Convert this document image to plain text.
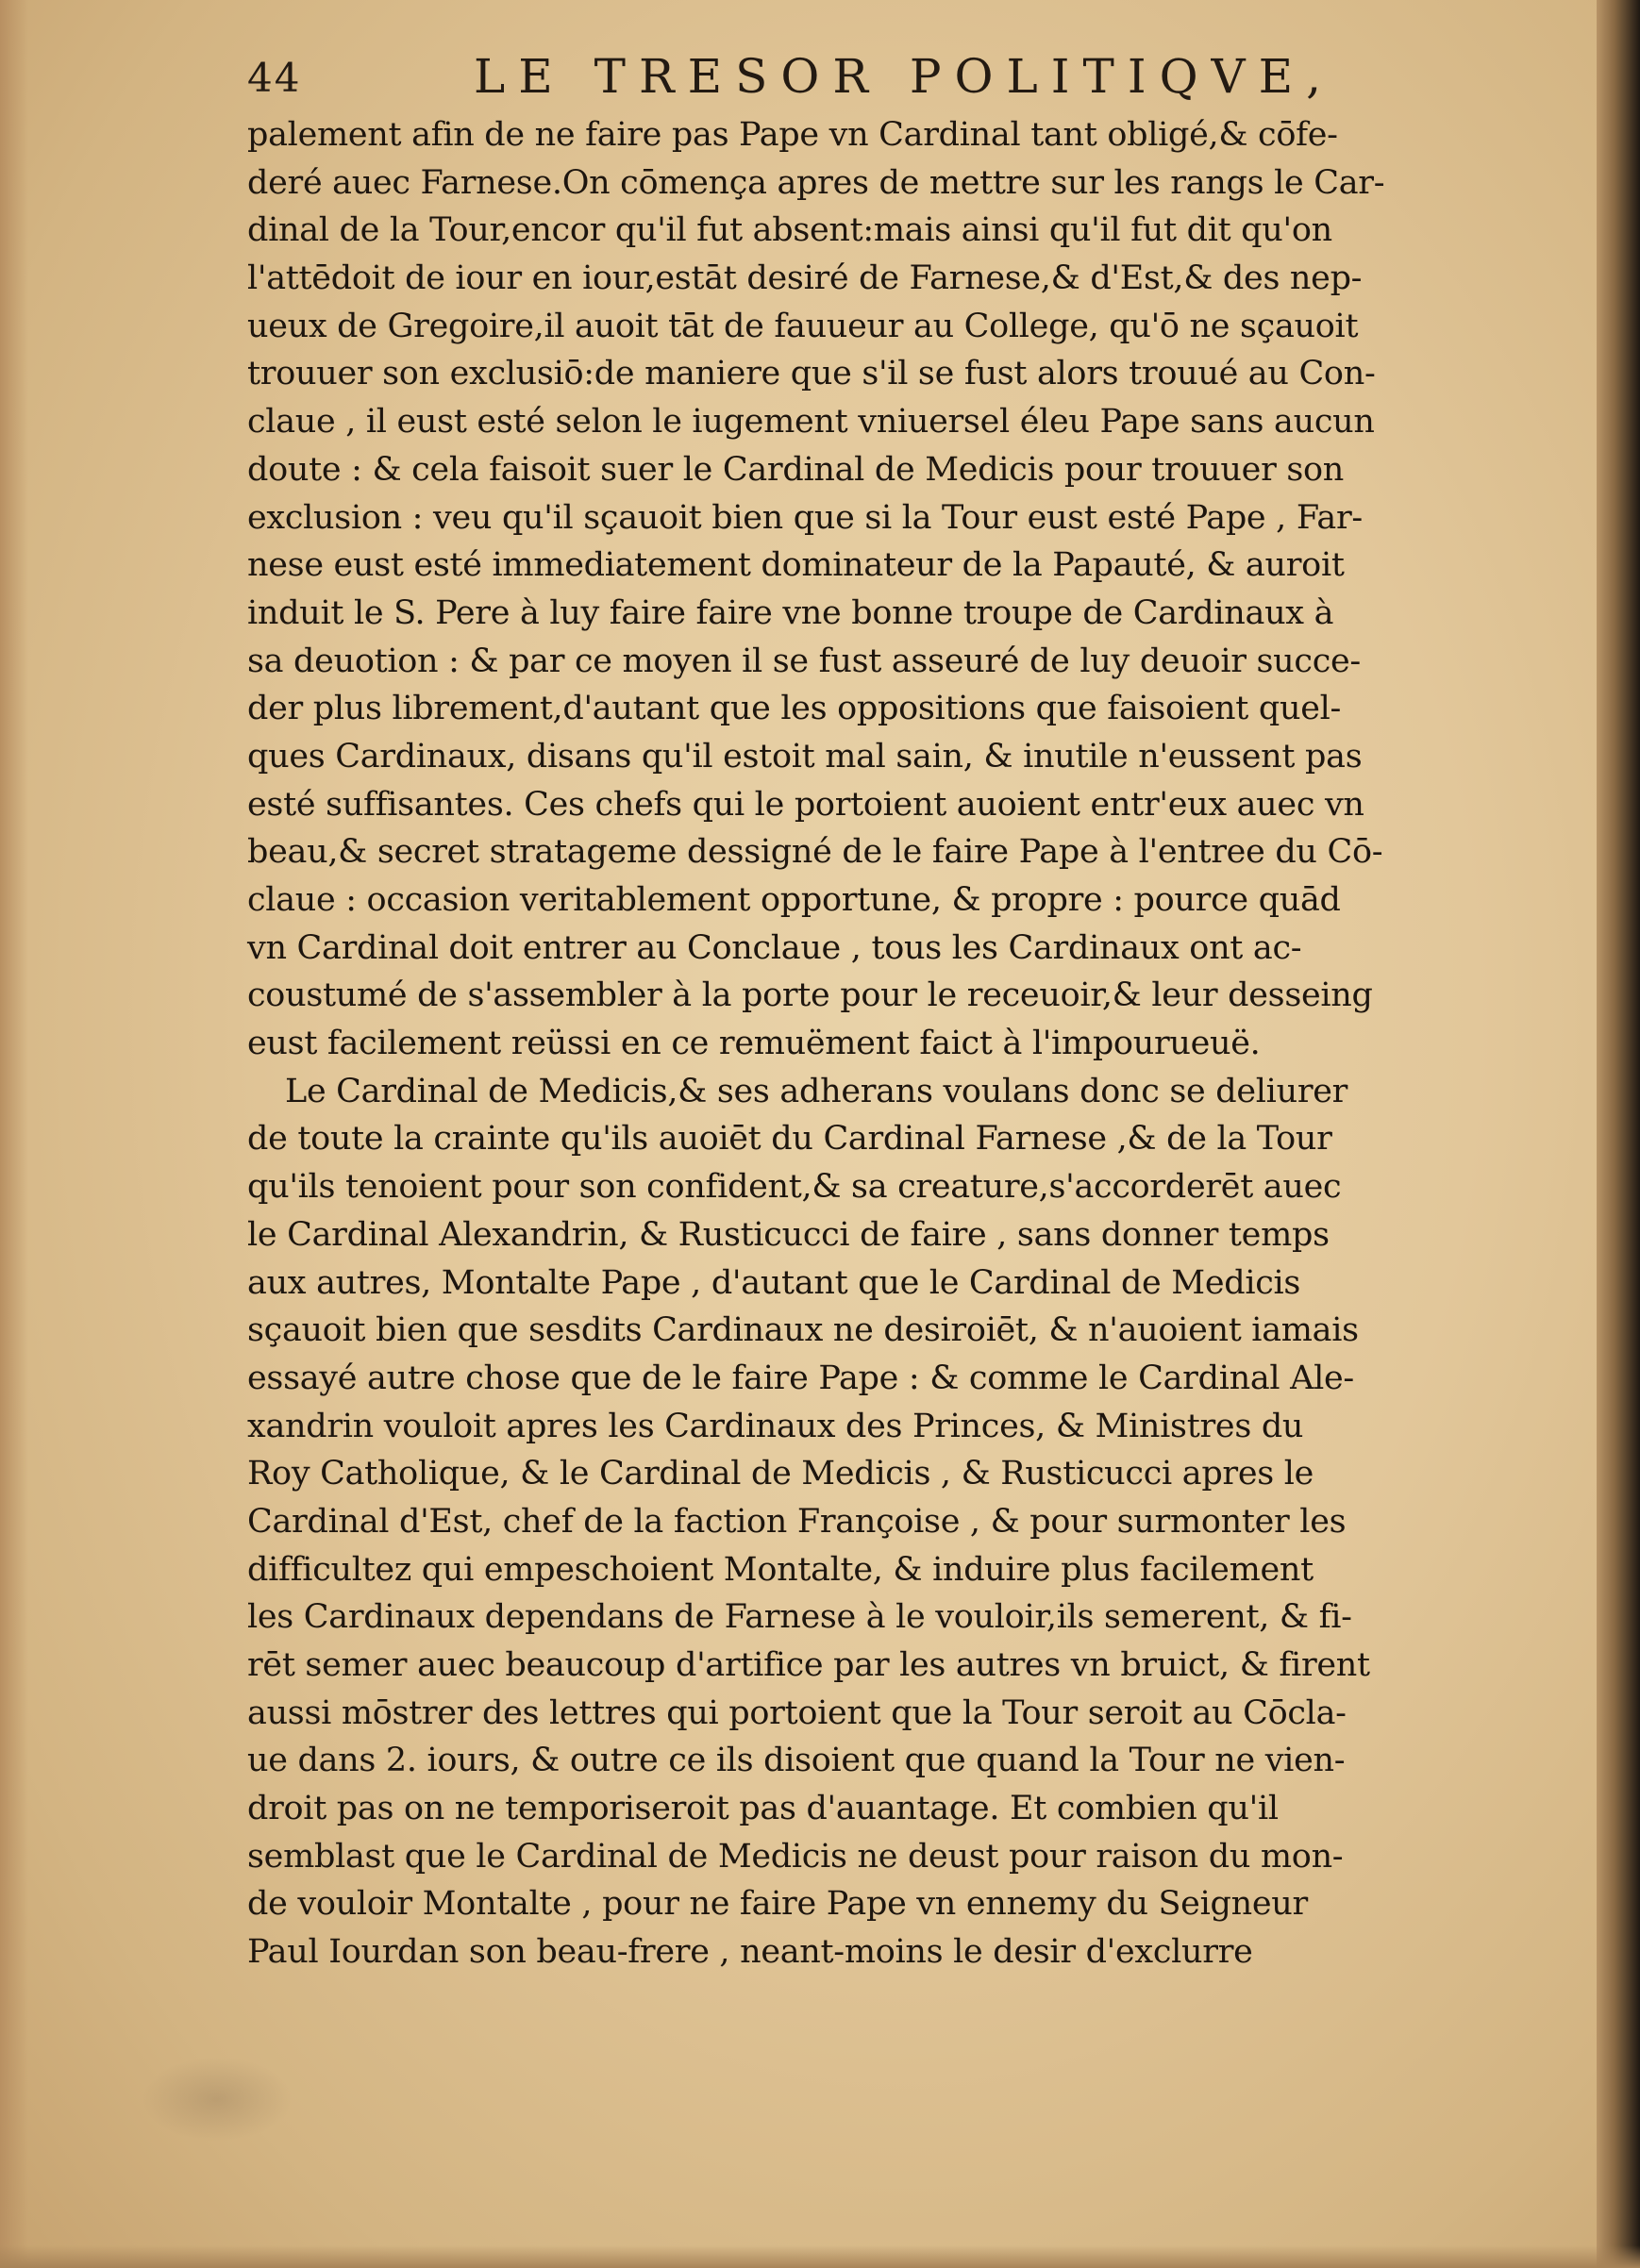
44	LE TRESOR POLITIQVE,
palement afin de ne faire pas Pape vn Cardinal tant obligé,& cōfe-
deré auec Farnese.On cōmença apres de mettre sur les rangs le Car-
dinal de la Tour,encor qu'il fut absent:mais ainsi qu'il fut dit qu'on
l'attēdoit de iour en iour,estāt desiré de Farnese,& d'Est,& des nep-
ueux de Gregoire,il auoit tāt de fauueur au College, qu'ō ne sçauoit
trouuer son exclusiō:de maniere que s'il se fust alors trouué au Con-
claue , il eust esté selon le iugement vniuersel éleu Pape sans aucun
doute : & cela faisoit suer le Cardinal de Medicis pour trouuer son
exclusion : veu qu'il sçauoit bien que si la Tour eust esté Pape , Far-
nese eust esté immediatement dominateur de la Papauté, & auroit
induit le S. Pere à luy faire faire vne bonne troupe de Cardinaux à
sa deuotion : & par ce moyen il se fust asseuré de luy deuoir succe-
der plus librement,d'autant que les oppositions que faisoient quel-
ques Cardinaux, disans qu'il estoit mal sain, & inutile n'eussent pas
esté suffisantes. Ces chefs qui le portoient auoient entr'eux auec vn
beau,& secret stratageme dessigné de le faire Pape à l'entree du Cō-
claue : occasion veritablement opportune, & propre : pource quād
vn Cardinal doit entrer au Conclaue , tous les Cardinaux ont ac-
coustumé de s'assembler à la porte pour le receuoir,& leur desseing
eust facilement reüssi en ce remuëment faict à l'impourueuë.
Le Cardinal de Medicis,& ses adherans voulans donc se deliurer
de toute la crainte qu'ils auoiēt du Cardinal Farnese ,& de la Tour
qu'ils tenoient pour son confident,& sa creature,s'accorderēt auec
le Cardinal Alexandrin, & Rusticucci de faire , sans donner temps
aux autres, Montalte Pape , d'autant que le Cardinal de Medicis
sçauoit bien que sesdits Cardinaux ne desiroiēt, & n'auoient iamais
essayé autre chose que de le faire Pape : & comme le Cardinal Ale-
xandrin vouloit apres les Cardinaux des Princes, & Ministres du
Roy Catholique, & le Cardinal de Medicis , & Rusticucci apres le
Cardinal d'Est, chef de la faction Françoise , & pour surmonter les
difficultez qui empeschoient Montalte, & induire plus facilement
les Cardinaux dependans de Farnese à le vouloir,ils semerent, & fi-
rēt semer auec beaucoup d'artifice par les autres vn bruict, & firent
aussi mōstrer des lettres qui portoient que la Tour seroit au Cōcla-
ue dans 2. iours, & outre ce ils disoient que quand la Tour ne vien-
droit pas on ne temporiseroit pas d'auantage. Et combien qu'il
semblast que le Cardinal de Medicis ne deust pour raison du mon-
de vouloir Montalte , pour ne faire Pape vn ennemy du Seigneur
Paul Iourdan son beau-frere , neant-moins le desir d'exclurre
